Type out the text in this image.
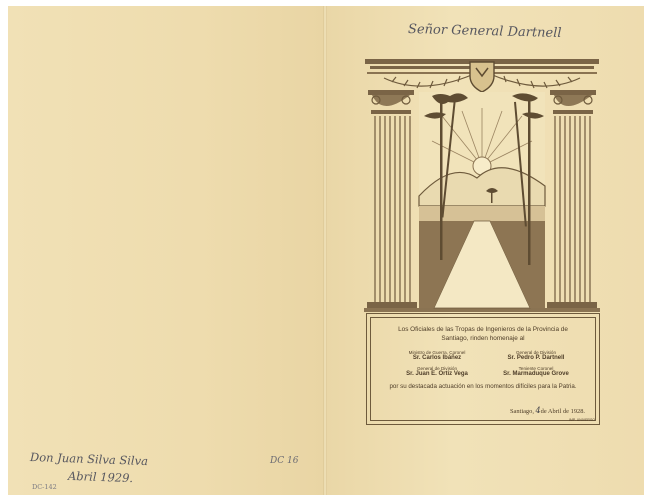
Señor General Dartnell
Don Juan Silva Silva
Abril 1929.
DC-142
DC 16
Los Oficiales de las Tropas de Ingenieros de la Provincia de Santiago, rinden homenaje al
Ministro de Guerra, Coronel
Sr. Carlos Ibáñez
General de División
Sr. Pedro P. Dartnell
General de División
Sr. Juan E. Ortiz Vega
Teniente Coronel
Sr. Marmaduque Grove
por su destacada actuación en los momentos difíciles para la Patria.
Santiago, 4de Abril de 1928.
IMP. UNIVERSO
